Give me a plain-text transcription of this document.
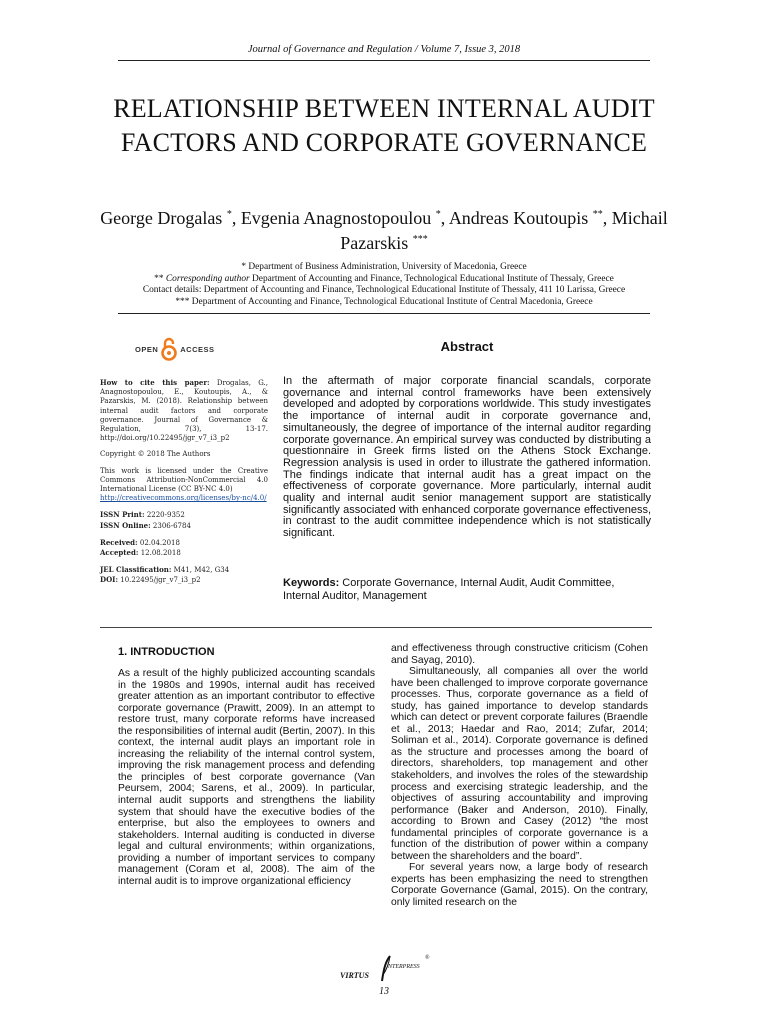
Journal of Governance and Regulation / Volume 7, Issue 3, 2018
RELATIONSHIP BETWEEN INTERNAL AUDIT FACTORS AND CORPORATE GOVERNANCE
George Drogalas *, Evgenia Anagnostopoulou *, Andreas Koutoupis **, Michail Pazarskis ***
* Department of Business Administration, University of Macedonia, Greece
** Corresponding author Department of Accounting and Finance, Technological Educational Institute of Thessaly, Greece
Contact details: Department of Accounting and Finance, Technological Educational Institute of Thessaly, 411 10 Larissa, Greece
*** Department of Accounting and Finance, Technological Educational Institute of Central Macedonia, Greece
OPEN	ACCESS	Abstract

How to cite this paper: Drogalas, G., Anagnostopoulou, E., Koutoupis, A., & Pazarskis, M. (2018). Relationship between internal audit factors and corporate governance. Journal of Governance & Regulation, 7(3), 13-17. http://doi.org/10.22495/jgr_v7_i3_p2

Copyright © 2018 The Authors

This work is licensed under the Creative Commons Attribution-NonCommercial 4.0 International License (CC BY-NC 4.0)
http://creativecommons.org/licenses/by-nc/4.0/

ISSN Print: 2220-9352
ISSN Online: 2306-6784

Received: 02.04.2018
Accepted: 12.08.2018

JEL Classification: M41, M42, G34
DOI: 10.22495/jgr_v7_i3_p2

In the aftermath of major corporate financial scandals, corporate governance and internal control frameworks have been extensively developed and adopted by corporations worldwide. This study investigates the importance of internal audit in corporate governance and, simultaneously, the degree of importance of the internal auditor regarding corporate governance. An empirical survey was conducted by distributing a questionnaire in Greek firms listed on the Athens Stock Exchange. Regression analysis is used in order to illustrate the gathered information. The findings indicate that internal audit has a great impact on the effectiveness of corporate governance. More particularly, internal audit quality and internal audit senior management support are statistically significantly associated with enhanced corporate governance effectiveness, in contrast to the audit committee independence which is not statistically significant.
Keywords: Corporate Governance, Internal Audit, Audit Committee, Internal Auditor, Management
1. INTRODUCTION

As a result of the highly publicized accounting scandals in the 1980s and 1990s, internal audit has received greater attention as an important contributor to effective corporate governance (Prawitt, 2009). In an attempt to restore trust, many corporate reforms have increased the responsibilities of internal audit (Bertin, 2007). In this context, the internal audit plays an important role in increasing the reliability of the internal control system, improving the risk management process and defending the principles of best corporate governance (Van Peursem, 2004; Sarens, et al., 2009). In particular, internal audit supports and strengthens the liability system that should have the executive bodies of the enterprise, but also the employees to owners and stakeholders. Internal auditing is conducted in diverse legal and cultural environments; within organizations, providing a number of important services to company management (Coram et al, 2008). The aim of the internal audit is to improve organizational efficiency

and effectiveness through constructive criticism (Cohen and Sayag, 2010).

Simultaneously, all companies all over the world have been challenged to improve corporate governance processes. Thus, corporate governance as a field of study, has gained importance to develop standards which can detect or prevent corporate failures (Braendle et al., 2013; Haedar and Rao, 2014; Zufar, 2014; Soliman et al., 2014). Corporate governance is defined as the structure and processes among the board of directors, shareholders, top management and other stakeholders, and involves the roles of the stewardship process and exercising strategic leadership, and the objectives of assuring accountability and improving performance (Baker and Anderson, 2010). Finally, according to Brown and Casey (2012) “the most fundamental principles of corporate governance is a function of the distribution of power within a company between the shareholders and the board”.

For several years now, a large body of research experts has been emphasizing the need to strengthen Corporate Governance (Gamal, 2015). On the contrary, only limited research on the

VIRTUS
NTERPRESS
®
13
